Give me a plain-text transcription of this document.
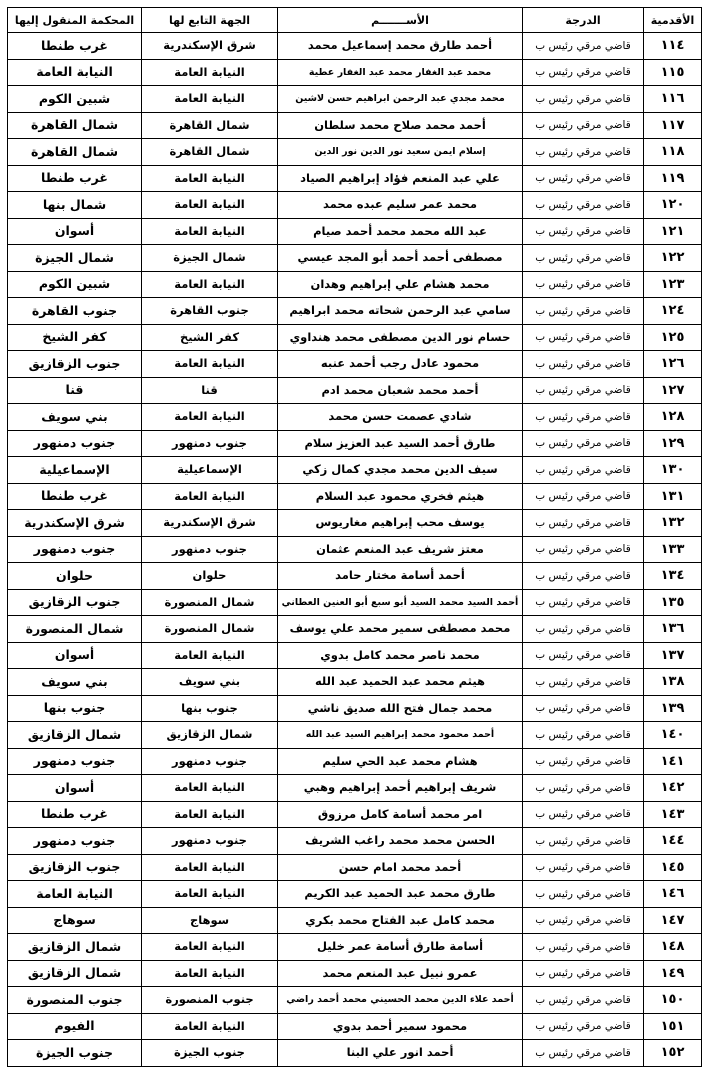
الأقدمية	الدرجة	الأســـــــم	الجهة التابع لها	المحكمة المنقول إليها
١١٤	قاضي مرقي رئيس ب	أحمد طارق محمد إسماعيل محمد	شرق الإسكندرية	غرب طنطا
١١٥	قاضي مرقي رئيس ب	محمد عبد الغفار محمد عبد الغفار عطية	النيابة العامة	النيابة العامة
١١٦	قاضي مرقي رئيس ب	محمد مجدي عبد الرحمن ابراهيم حسن لاشين	النيابة العامة	شبين الكوم
١١٧	قاضي مرقي رئيس ب	أحمد محمد صلاح محمد سلطان	شمال القاهرة	شمال القاهرة
١١٨	قاضي مرقي رئيس ب	إسلام ايمن سعيد نور الدين نور الدين	شمال القاهرة	شمال القاهرة
١١٩	قاضي مرقي رئيس ب	علي عبد المنعم فؤاد إبراهيم الصياد	النيابة العامة	غرب طنطا
١٢٠	قاضي مرقي رئيس ب	محمد عمر سليم عبده محمد	النيابة العامة	شمال بنها
١٢١	قاضي مرقي رئيس ب	عبد الله محمد محمد أحمد صيام	النيابة العامة	أسوان
١٢٢	قاضي مرقي رئيس ب	مصطفى أحمد أحمد أبو المجد عيسي	شمال الجيزة	شمال الجيزة
١٢٣	قاضي مرقي رئيس ب	محمد هشام علي إبراهيم وهدان	النيابة العامة	شبين الكوم
١٢٤	قاضي مرقي رئيس ب	سامي عبد الرحمن شحاته محمد ابراهيم	جنوب القاهرة	جنوب القاهرة
١٢٥	قاضي مرقي رئيس ب	حسام نور الدين مصطفى محمد هنداوي	كفر الشيخ	كفر الشيخ
١٢٦	قاضي مرقي رئيس ب	محمود عادل رجب أحمد عنبه	النيابة العامة	جنوب الزقازيق
١٢٧	قاضي مرقي رئيس ب	أحمد محمد شعبان محمد ادم	قنا	قنا
١٢٨	قاضي مرقي رئيس ب	شادي عصمت حسن محمد	النيابة العامة	بني سويف
١٢٩	قاضي مرقي رئيس ب	طارق أحمد السيد عبد العزيز سلام	جنوب دمنهور	جنوب دمنهور
١٣٠	قاضي مرقي رئيس ب	سيف الدين محمد مجدي كمال زكي	الإسماعيلية	الإسماعيلية
١٣١	قاضي مرقي رئيس ب	هيثم فخري محمود عبد السلام	النيابة العامة	غرب طنطا
١٣٢	قاضي مرقي رئيس ب	يوسف محب إبراهيم مغاريوس	شرق الإسكندرية	شرق الإسكندرية
١٣٣	قاضي مرقي رئيس ب	معتز شريف عبد المنعم عثمان	جنوب دمنهور	جنوب دمنهور
١٣٤	قاضي مرقي رئيس ب	أحمد أسامة مختار حامد	حلوان	حلوان
١٣٥	قاضي مرقي رئيس ب	أحمد السيد محمد السيد أبو سبع أبو العنين العطاني	شمال المنصورة	جنوب الزقازيق
١٣٦	قاضي مرقي رئيس ب	محمد مصطفى سمير محمد علي يوسف	شمال المنصورة	شمال المنصورة
١٣٧	قاضي مرقي رئيس ب	محمد ناصر محمد كامل بدوي	النيابة العامة	أسوان
١٣٨	قاضي مرقي رئيس ب	هيثم محمد عبد الحميد عبد الله	بني سويف	بني سويف
١٣٩	قاضي مرقي رئيس ب	محمد جمال فتح الله صديق ناشي	جنوب بنها	جنوب بنها
١٤٠	قاضي مرقي رئيس ب	أحمد محمود محمد إبراهيم السيد عبد الله	شمال الزقازيق	شمال الزقازيق
١٤١	قاضي مرقي رئيس ب	هشام محمد عبد الحي سليم	جنوب دمنهور	جنوب دمنهور
١٤٢	قاضي مرقي رئيس ب	شريف إبراهيم أحمد إبراهيم وهبي	النيابة العامة	أسوان
١٤٣	قاضي مرقي رئيس ب	امر محمد أسامة كامل مرزوق	النيابة العامة	غرب طنطا
١٤٤	قاضي مرقي رئيس ب	الحسن محمد محمد راغب الشريف	جنوب دمنهور	جنوب دمنهور
١٤٥	قاضي مرقي رئيس ب	أحمد محمد امام حسن	النيابة العامة	جنوب الزقازيق
١٤٦	قاضي مرقي رئيس ب	طارق محمد عبد الحميد عبد الكريم	النيابة العامة	النيابة العامة
١٤٧	قاضي مرقي رئيس ب	محمد كامل عبد الفتاح محمد بكري	سوهاج	سوهاج
١٤٨	قاضي مرقي رئيس ب	أسامة طارق أسامة عمر خليل	النيابة العامة	شمال الزقازيق
١٤٩	قاضي مرقي رئيس ب	عمرو نبيل عبد المنعم محمد	النيابة العامة	شمال الزقازيق
١٥٠	قاضي مرقي رئيس ب	أحمد علاء الدين محمد الحسيني محمد أحمد راضي	جنوب المنصورة	جنوب المنصورة
١٥١	قاضي مرقي رئيس ب	محمود سمير أحمد بدوي	النيابة العامة	الفيوم
١٥٢	قاضي مرقي رئيس ب	أحمد انور علي البنا	جنوب الجيزة	جنوب الجيزة
